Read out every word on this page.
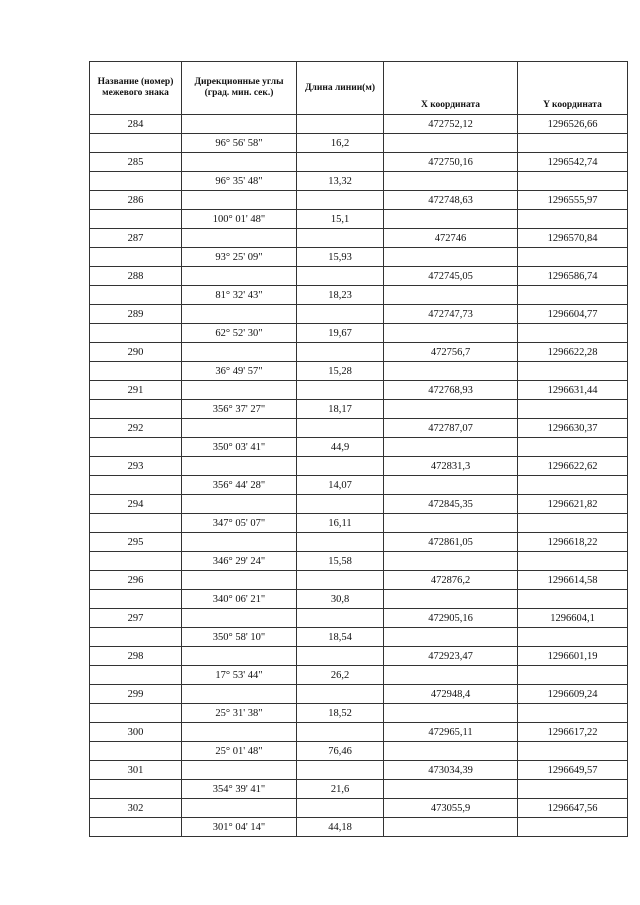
Название (номер) межевого знака	Дирекционные углы (град. мин. сек.)	Длина линии(м)	X координата	Y координата
284			472752,12	1296526,66
	96° 56' 58"	16,2		
285			472750,16	1296542,74
	96° 35' 48"	13,32		
286			472748,63	1296555,97
	100° 01' 48"	15,1		
287			472746	1296570,84
	93° 25' 09"	15,93		
288			472745,05	1296586,74
	81° 32' 43"	18,23		
289			472747,73	1296604,77
	62° 52' 30"	19,67		
290			472756,7	1296622,28
	36° 49' 57"	15,28		
291			472768,93	1296631,44
	356° 37' 27"	18,17		
292			472787,07	1296630,37
	350° 03' 41"	44,9		
293			472831,3	1296622,62
	356° 44' 28"	14,07		
294			472845,35	1296621,82
	347° 05' 07"	16,11		
295			472861,05	1296618,22
	346° 29' 24"	15,58		
296			472876,2	1296614,58
	340° 06' 21"	30,8		
297			472905,16	1296604,1
	350° 58' 10"	18,54		
298			472923,47	1296601,19
	17° 53' 44"	26,2		
299			472948,4	1296609,24
	25° 31' 38"	18,52		
300			472965,11	1296617,22
	25° 01' 48"	76,46		
301			473034,39	1296649,57
	354° 39' 41"	21,6		
302			473055,9	1296647,56
	301° 04' 14"	44,18		
